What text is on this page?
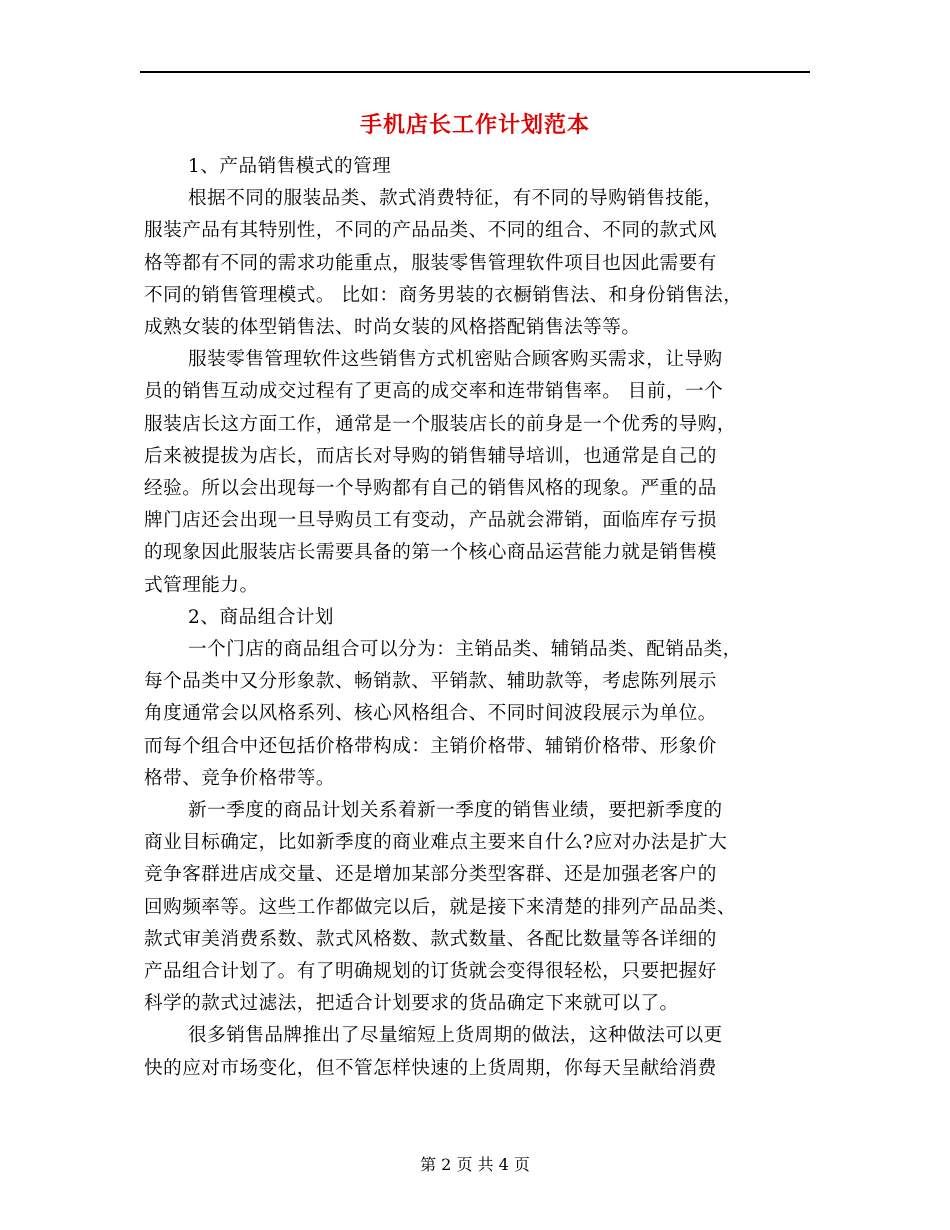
手机店长工作计划范本
1、产品销售模式的管理
根据不同的服装品类、款式消费特征，有不同的导购销售技能，
服装产品有其特别性，不同的产品品类、不同的组合、不同的款式风
格等都有不同的需求功能重点，服装零售管理软件项目也因此需要有
不同的销售管理模式。 比如：商务男装的衣橱销售法、和身份销售法，
成熟女装的体型销售法、时尚女装的风格搭配销售法等等。
服装零售管理软件这些销售方式机密贴合顾客购买需求，让导购
员的销售互动成交过程有了更高的成交率和连带销售率。 目前，一个
服装店长这方面工作，通常是一个服装店长的前身是一个优秀的导购，
后来被提拔为店长，而店长对导购的销售辅导培训，也通常是自己的
经验。所以会出现每一个导购都有自己的销售风格的现象。严重的品
牌门店还会出现一旦导购员工有变动，产品就会滞销，面临库存亏损
的现象因此服装店长需要具备的第一个核心商品运营能力就是销售模
式管理能力。
2、商品组合计划
一个门店的商品组合可以分为：主销品类、辅销品类、配销品类，
每个品类中又分形象款、畅销款、平销款、辅助款等，考虑陈列展示
角度通常会以风格系列、核心风格组合、不同时间波段展示为单位。
而每个组合中还包括价格带构成：主销价格带、辅销价格带、形象价
格带、竞争价格带等。
新一季度的商品计划关系着新一季度的销售业绩，要把新季度的
商业目标确定，比如新季度的商业难点主要来自什么?应对办法是扩大
竞争客群进店成交量、还是增加某部分类型客群、还是加强老客户的
回购频率等。这些工作都做完以后，就是接下来清楚的排列产品品类、
款式审美消费系数、款式风格数、款式数量、各配比数量等各详细的
产品组合计划了。有了明确规划的订货就会变得很轻松，只要把握好
科学的款式过滤法，把适合计划要求的货品确定下来就可以了。
很多销售品牌推出了尽量缩短上货周期的做法，这种做法可以更
快的应对市场变化，但不管怎样快速的上货周期，你每天呈献给消费
第 2 页 共 4 页
